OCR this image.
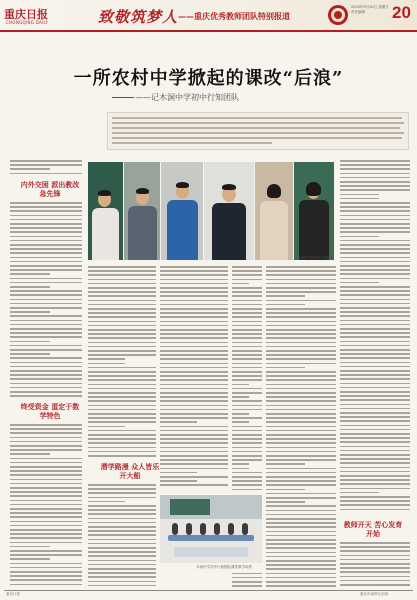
重庆日报
CHONGQING DAILY	致敬筑梦人 ——重庆优秀教师团队特别报道
2023年9月10日 星期日 责任编辑	20
一所农村中学掀起的课改“后浪”
——记木洞中学初中行知团队
木洞中学初中行知团队
木洞中学初中行知团队课堂教学场景
内外交困 派出教改急先锋
终受资金 蛋定于数学特色
潜学路漫 众人皆乐开大船
教师开天 苦心发育开始
重庆日报	重庆市南岸区出版
